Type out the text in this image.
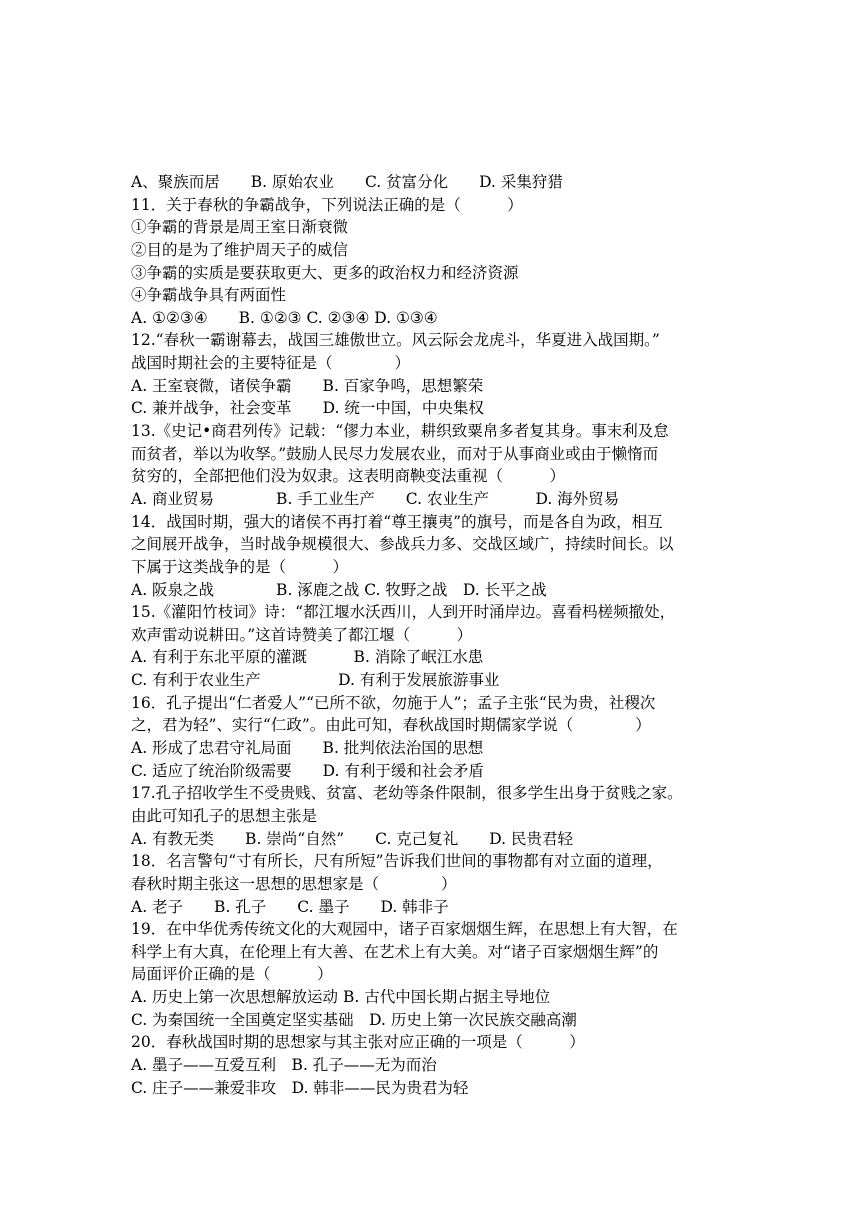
A、聚族而居　　B. 原始农业　　C. 贫富分化　　D. 采集狩猎
11．关于春秋的争霸战争，下列说法正确的是（　　　）
①争霸的背景是周王室日渐衰微
②目的是为了维护周天子的威信
③争霸的实质是要获取更大、更多的政治权力和经济资源
④争霸战争具有两面性
A. ①②③④　　B. ①②③ C. ②③④ D. ①③④
12.“春秋一霸谢幕去，战国三雄傲世立。风云际会龙虎斗，华夏进入战国期。”
战国时期社会的主要特征是（　　　　）
A. 王室衰微，诸侯争霸　　B. 百家争鸣，思想繁荣
C. 兼并战争，社会变革　　D. 统一中国，中央集权
13.《史记•商君列传》记载：“僇力本业，耕织致粟帛多者复其身。事末利及怠
而贫者，举以为收孥。”鼓励人民尽力发展农业，而对于从事商业或由于懒惰而
贫穷的，全部把他们没为奴隶。这表明商鞅变法重视（　　　）
A. 商业贸易　　　　B. 手工业生产　　C. 农业生产　　　D. 海外贸易
14．战国时期，强大的诸侯不再打着“尊王攘夷”的旗号，而是各自为政，相互
之间展开战争，当时战争规模很大、参战兵力多、交战区域广，持续时间长。以
下属于这类战争的是（　　　）
A. 阪泉之战　　　　B. 涿鹿之战 C. 牧野之战　D. 长平之战
15.《灌阳竹枝词》诗：“都江堰水沃西川，人到开时涌岸边。喜看杩槎频撤处，
欢声雷动说耕田。”这首诗赞美了都江堰（　　　）
A. 有利于东北平原的灌溉　　　B. 消除了岷江水患
C. 有利于农业生产　　　　　D. 有利于发展旅游事业
16．孔子提出“仁者爱人”“已所不欲，勿施于人”；孟子主张“民为贵，社稷次
之，君为轻”、实行“仁政”。由此可知，春秋战国时期儒家学说（　　　　）
A. 形成了忠君守礼局面　　B. 批判依法治国的思想
C. 适应了统治阶级需要　　D. 有利于缓和社会矛盾
17.孔子招收学生不受贵贱、贫富、老幼等条件限制，很多学生出身于贫贱之家。
由此可知孔子的思想主张是
A. 有教无类　　B. 崇尚“自然”　　C. 克己复礼　　D. 民贵君轻
18．名言警句“寸有所长，尺有所短”告诉我们世间的事物都有对立面的道理，
春秋时期主张这一思想的思想家是（　　　　）
A. 老子　　B. 孔子　　C. 墨子　　D. 韩非子
19．在中华优秀传统文化的大观园中，诸子百家烟烟生辉，在思想上有大智，在
科学上有大真，在伦理上有大善、在艺术上有大美。对“诸子百家烟烟生辉”的
局面评价正确的是（　　　）
A. 历史上第一次思想解放运动 B. 古代中国长期占据主导地位
C. 为秦国统一全国奠定坚实基础　D. 历史上第一次民族交融高潮
20．春秋战国时期的思想家与其主张对应正确的一项是（　　　）
A. 墨子——互爱互利　B. 孔子——无为而治
C. 庄子——兼爱非攻　D. 韩非——民为贵君为轻
